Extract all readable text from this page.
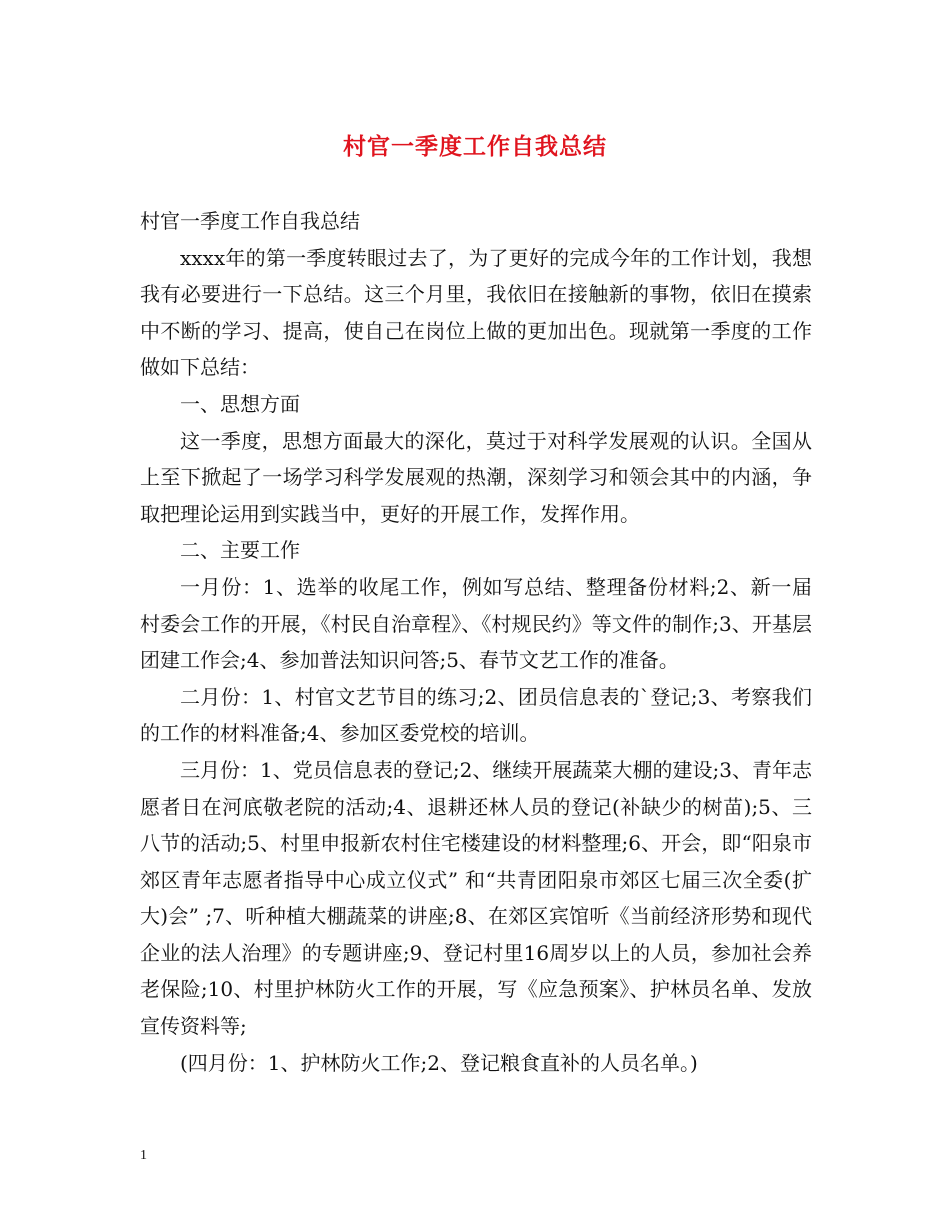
村官一季度工作自我总结

村官一季度工作自我总结

xxxx年的第一季度转眼过去了，为了更好的完成今年的工作计划，我想我有必要进行一下总结。这三个月里，我依旧在接触新的事物，依旧在摸索中不断的学习、提高，使自己在岗位上做的更加出色。现就第一季度的工作做如下总结：

一、思想方面

这一季度，思想方面最大的深化，莫过于对科学发展观的认识。全国从上至下掀起了一场学习科学发展观的热潮，深刻学习和领会其中的内涵，争取把理论运用到实践当中，更好的开展工作，发挥作用。

二、主要工作

一月份：1、选举的收尾工作，例如写总结、整理备份材料;2、新一届村委会工作的开展，《村民自治章程》、《村规民约》等文件的制作;3、开基层团建工作会;4、参加普法知识问答;5、春节文艺工作的准备。

二月份：1、村官文艺节目的练习;2、团员信息表的`登记;3、考察我们的工作的材料准备;4、参加区委党校的培训。

三月份：1、党员信息表的登记;2、继续开展蔬菜大棚的建设;3、青年志愿者日在河底敬老院的活动;4、退耕还林人员的登记(补缺少的树苗);5、三八节的活动;5、村里申报新农村住宅楼建设的材料整理;6、开会，即“阳泉市郊区青年志愿者指导中心成立仪式” 和“共青团阳泉市郊区七届三次全委(扩大)会” ;7、听种植大棚蔬菜的讲座;8、在郊区宾馆听《当前经济形势和现代企业的法人治理》的专题讲座;9、登记村里16周岁以上的人员，参加社会养老保险;10、村里护林防火工作的开展，写《应急预案》、护林员名单、发放宣传资料等;

(四月份：1、护林防火工作;2、登记粮食直补的人员名单。)

1
